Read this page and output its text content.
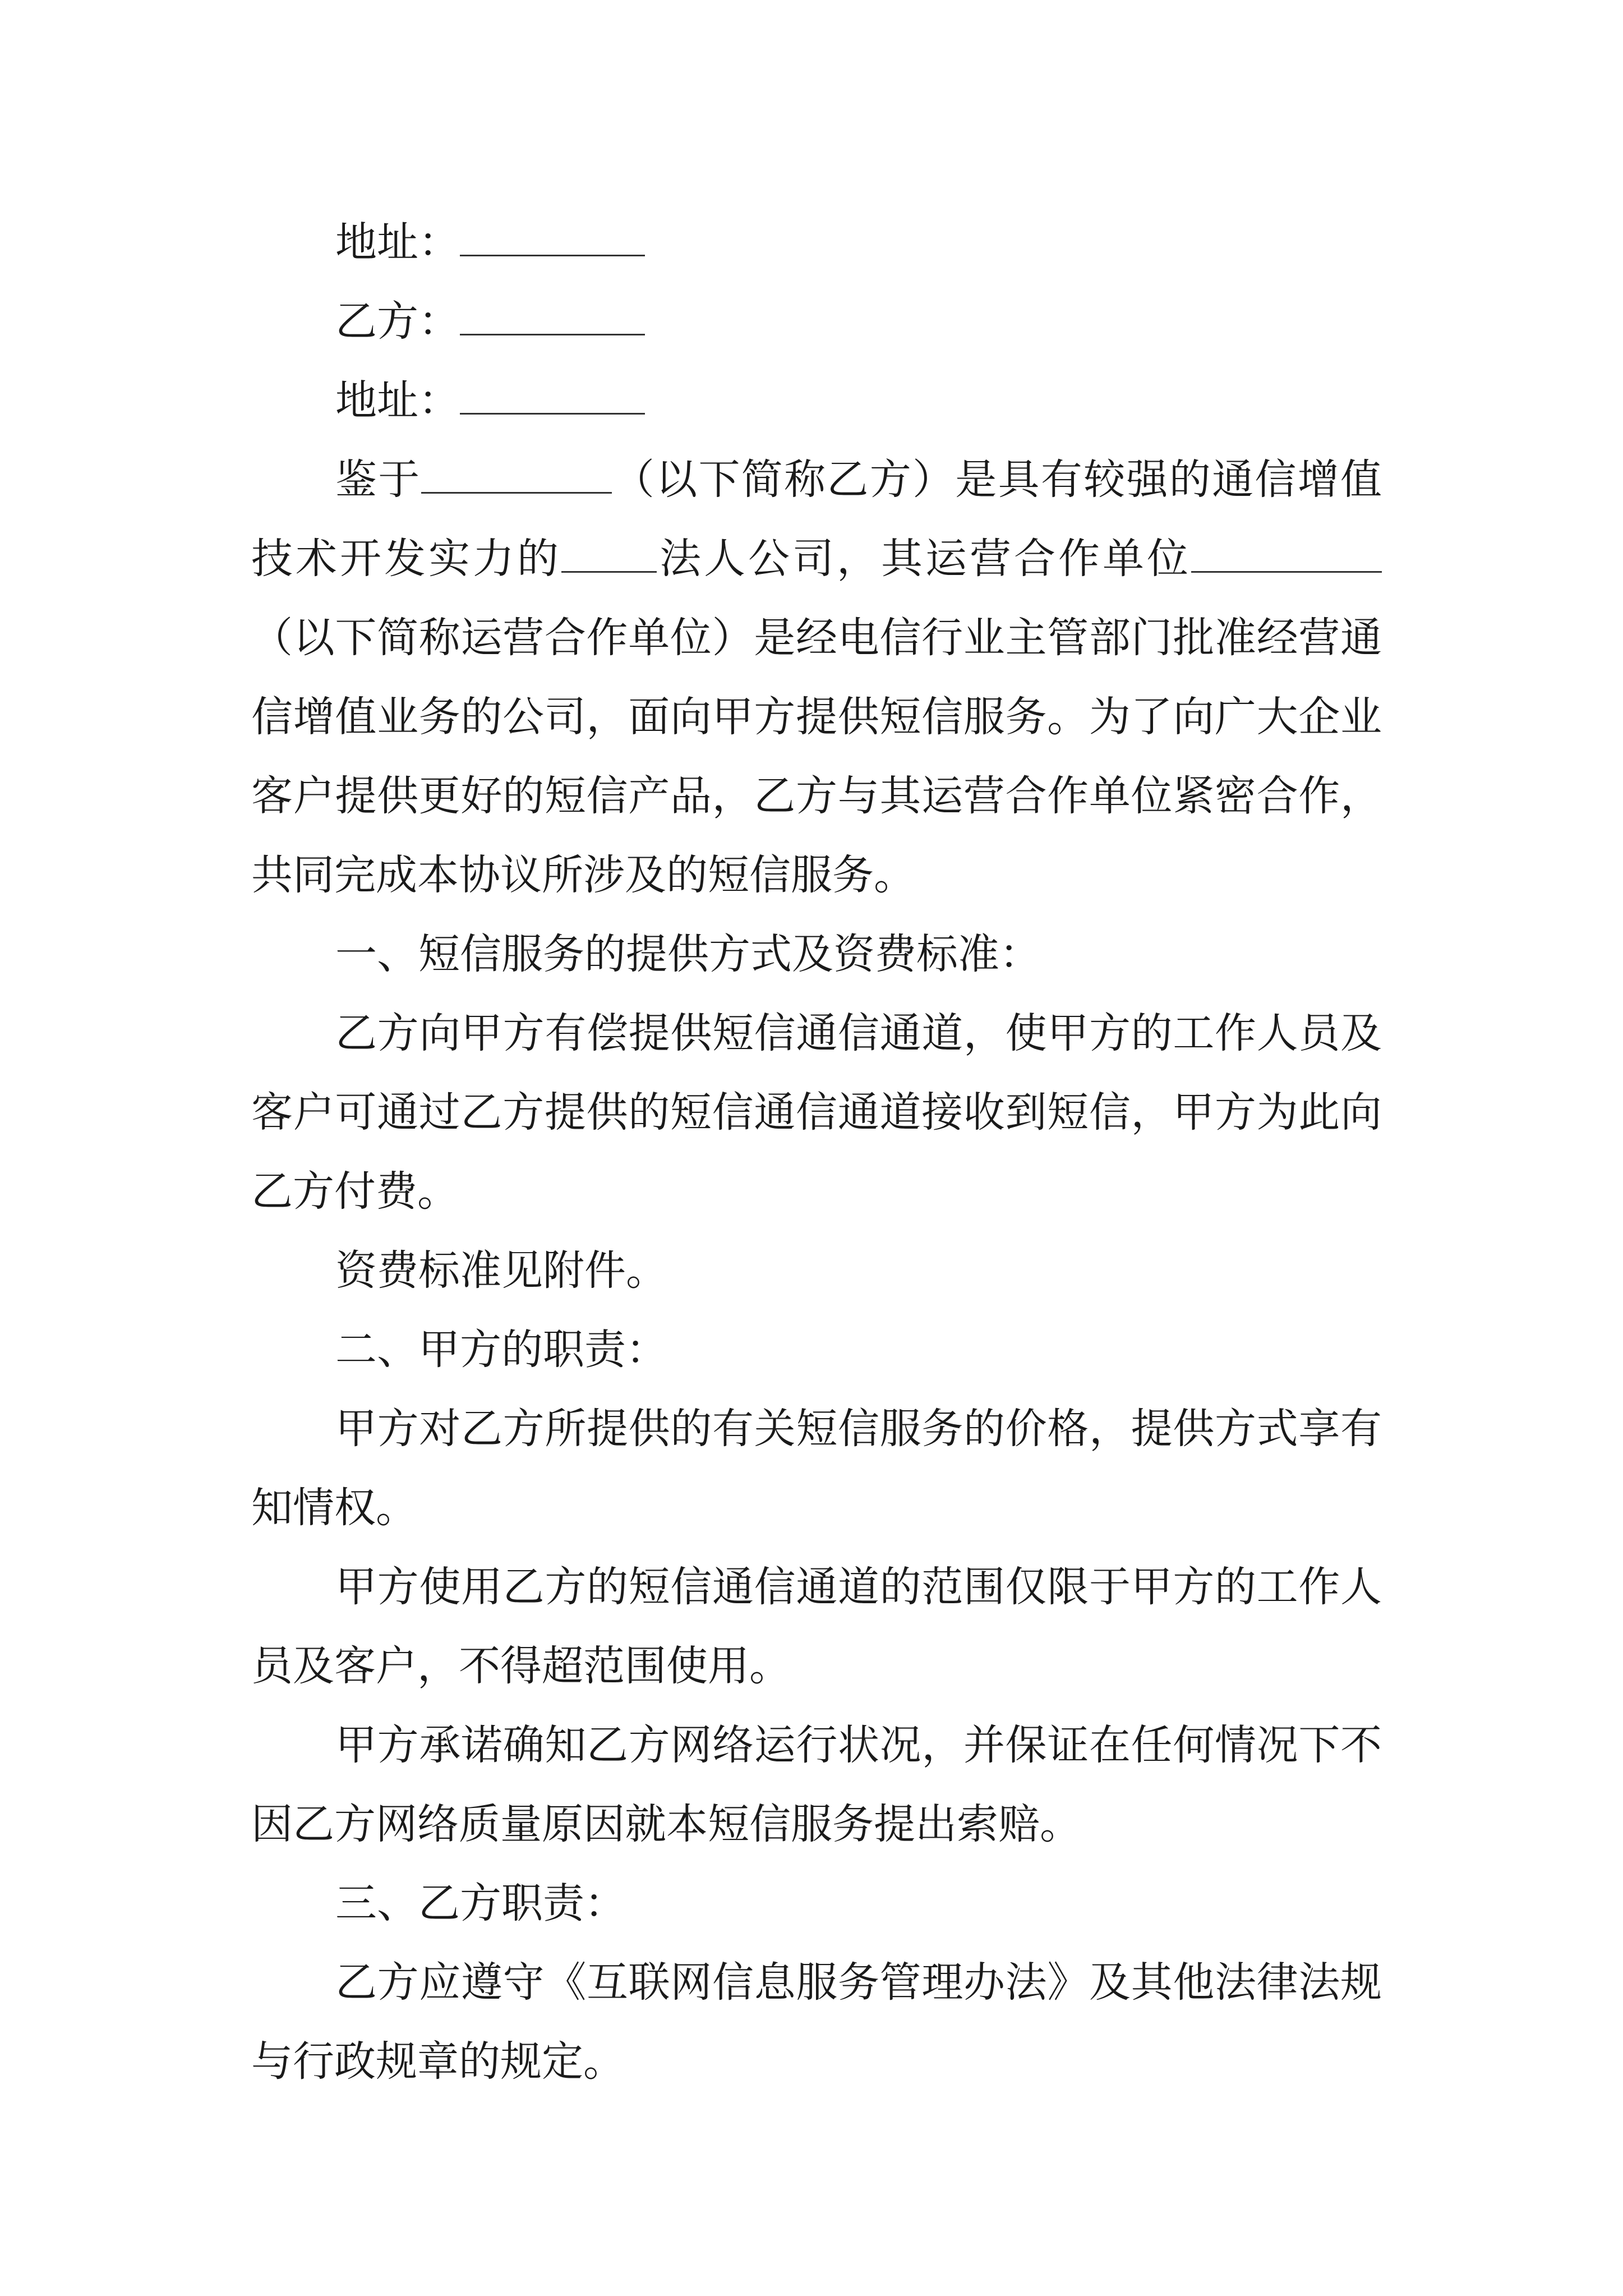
地址：

乙方：

地址：

鉴于	（以下简称乙方）是具有较强的通信增值技术开发实力的 法人公司，其运营合作单位（以下简称运营合作单位）是经电信行业主管部门批准经营通信增值业务的公司，面向甲方提供短信服务。为了向广大企业客户提供更好的短信产品，乙方与其运营合作单位紧密合作，共同完成本协议所涉及的短信服务。

一、短信服务的提供方式及资费标准：

乙方向甲方有偿提供短信通信通道，使甲方的工作人员及客户可通过乙方提供的短信通信通道接收到短信，甲方为此向乙方付费。

资费标准见附件。

二、甲方的职责：

甲方对乙方所提供的有关短信服务的价格，提供方式享有知情权。

甲方使用乙方的短信通信通道的范围仅限于甲方的工作人员及客户，不得超范围使用。

甲方承诺确知乙方网络运行状况，并保证在任何情况下不因乙方网络质量原因就本短信服务提出索赔。

三、乙方职责：

乙方应遵守《互联网信息服务管理办法》及其他法律法规与行政规章的规定。
